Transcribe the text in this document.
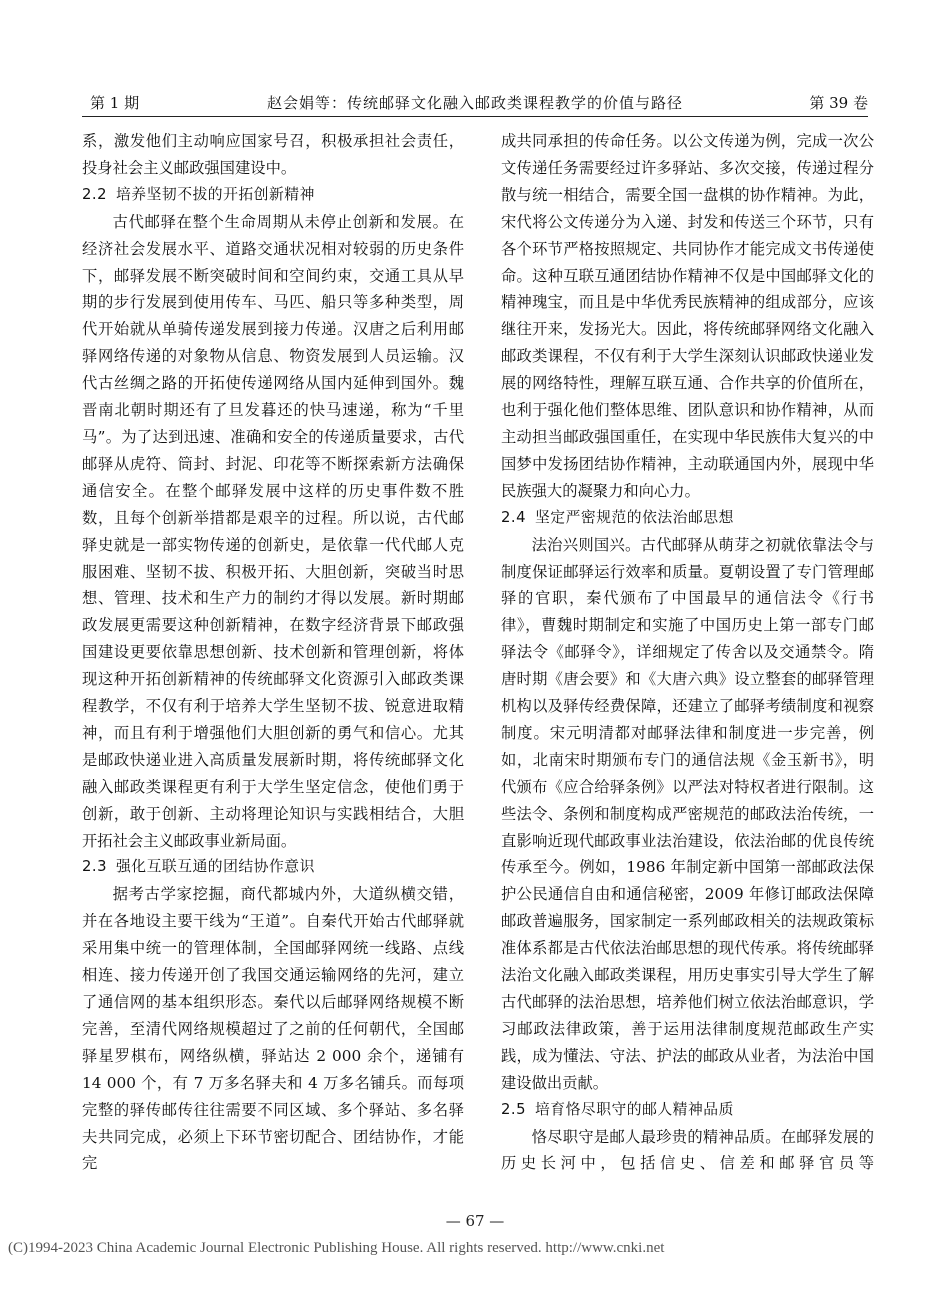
第 1 期	赵会娟等：传统邮驿文化融入邮政类课程教学的价值与路径	第 39 卷

系，激发他们主动响应国家号召，积极承担社会责任，投身社会主义邮政强国建设中。

2.2 培养坚韧不拔的开拓创新精神

古代邮驿在整个生命周期从未停止创新和发展。在经济社会发展水平、道路交通状况相对较弱的历史条件下，邮驿发展不断突破时间和空间约束，交通工具从早期的步行发展到使用传车、马匹、船只等多种类型，周代开始就从单骑传递发展到接力传递。汉唐之后利用邮驿网络传递的对象物从信息、物资发展到人员运输。汉代古丝绸之路的开拓使传递网络从国内延伸到国外。魏晋南北朝时期还有了旦发暮还的快马速递，称为“千里马”。为了达到迅速、准确和安全的传递质量要求，古代邮驿从虎符、筒封、封泥、印花等不断探索新方法确保通信安全。在整个邮驿发展中这样的历史事件数不胜数，且每个创新举措都是艰辛的过程。所以说，古代邮驿史就是一部实物传递的创新史，是依靠一代代邮人克服困难、坚韧不拔、积极开拓、大胆创新，突破当时思想、管理、技术和生产力的制约才得以发展。新时期邮政发展更需要这种创新精神，在数字经济背景下邮政强国建设更要依靠思想创新、技术创新和管理创新，将体现这种开拓创新精神的传统邮驿文化资源引入邮政类课程教学，不仅有利于培养大学生坚韧不拔、锐意进取精神，而且有利于增强他们大胆创新的勇气和信心。尤其是邮政快递业进入高质量发展新时期，将传统邮驿文化融入邮政类课程更有利于大学生坚定信念，使他们勇于创新，敢于创新、主动将理论知识与实践相结合，大胆开拓社会主义邮政事业新局面。

2.3 强化互联互通的团结协作意识

据考古学家挖掘，商代都城内外，大道纵横交错，并在各地设主要干线为“王道”。自秦代开始古代邮驿就采用集中统一的管理体制，全国邮驿网统一线路、点线相连、接力传递开创了我国交通运输网络的先河，建立了通信网的基本组织形态。秦代以后邮驿网络规模不断完善，至清代网络规模超过了之前的任何朝代，全国邮驿星罗棋布，网络纵横，驿站达 2 000 余个，递铺有 14 000 个，有 7 万多名驿夫和 4 万多名铺兵。而每项完整的驿传邮传往往需要不同区域、多个驿站、多名驿夫共同完成，必须上下环节密切配合、团结协作，才能完

成共同承担的传命任务。以公文传递为例，完成一次公文传递任务需要经过许多驿站、多次交接，传递过程分散与统一相结合，需要全国一盘棋的协作精神。为此，宋代将公文传递分为入递、封发和传送三个环节，只有各个环节严格按照规定、共同协作才能完成文书传递使命。这种互联互通团结协作精神不仅是中国邮驿文化的精神瑰宝，而且是中华优秀民族精神的组成部分，应该继往开来，发扬光大。因此，将传统邮驿网络文化融入邮政类课程，不仅有利于大学生深刻认识邮政快递业发展的网络特性，理解互联互通、合作共享的价值所在，也利于强化他们整体思维、团队意识和协作精神，从而主动担当邮政强国重任，在实现中华民族伟大复兴的中国梦中发扬团结协作精神，主动联通国内外，展现中华民族强大的凝聚力和向心力。

2.4 坚定严密规范的依法治邮思想

法治兴则国兴。古代邮驿从萌芽之初就依靠法令与制度保证邮驿运行效率和质量。夏朝设置了专门管理邮驿的官职，秦代颁布了中国最早的通信法令《行书律》，曹魏时期制定和实施了中国历史上第一部专门邮驿法令《邮驿令》，详细规定了传舍以及交通禁令。隋唐时期《唐会要》和《大唐六典》设立整套的邮驿管理机构以及驿传经费保障，还建立了邮驿考绩制度和视察制度。宋元明清都对邮驿法律和制度进一步完善，例如，北南宋时期颁布专门的通信法规《金玉新书》，明代颁布《应合给驿条例》以严法对特权者进行限制。这些法令、条例和制度构成严密规范的邮政法治传统，一直影响近现代邮政事业法治建设，依法治邮的优良传统传承至今。例如，1986 年制定新中国第一部邮政法保护公民通信自由和通信秘密，2009 年修订邮政法保障邮政普遍服务，国家制定一系列邮政相关的法规政策标准体系都是古代依法治邮思想的现代传承。将传统邮驿法治文化融入邮政类课程，用历史事实引导大学生了解古代邮驿的法治思想，培养他们树立依法治邮意识，学习邮政法律政策，善于运用法律制度规范邮政生产实践，成为懂法、守法、护法的邮政从业者，为法治中国建设做出贡献。

2.5 培育恪尽职守的邮人精神品质

恪尽职守是邮人最珍贵的精神品质。在邮驿发展的历史长河中，包括信史、信差和邮驿官员等

— 67 —
(C)1994-2023 China Academic Journal Electronic Publishing House. All rights reserved. http://www.cnki.net
